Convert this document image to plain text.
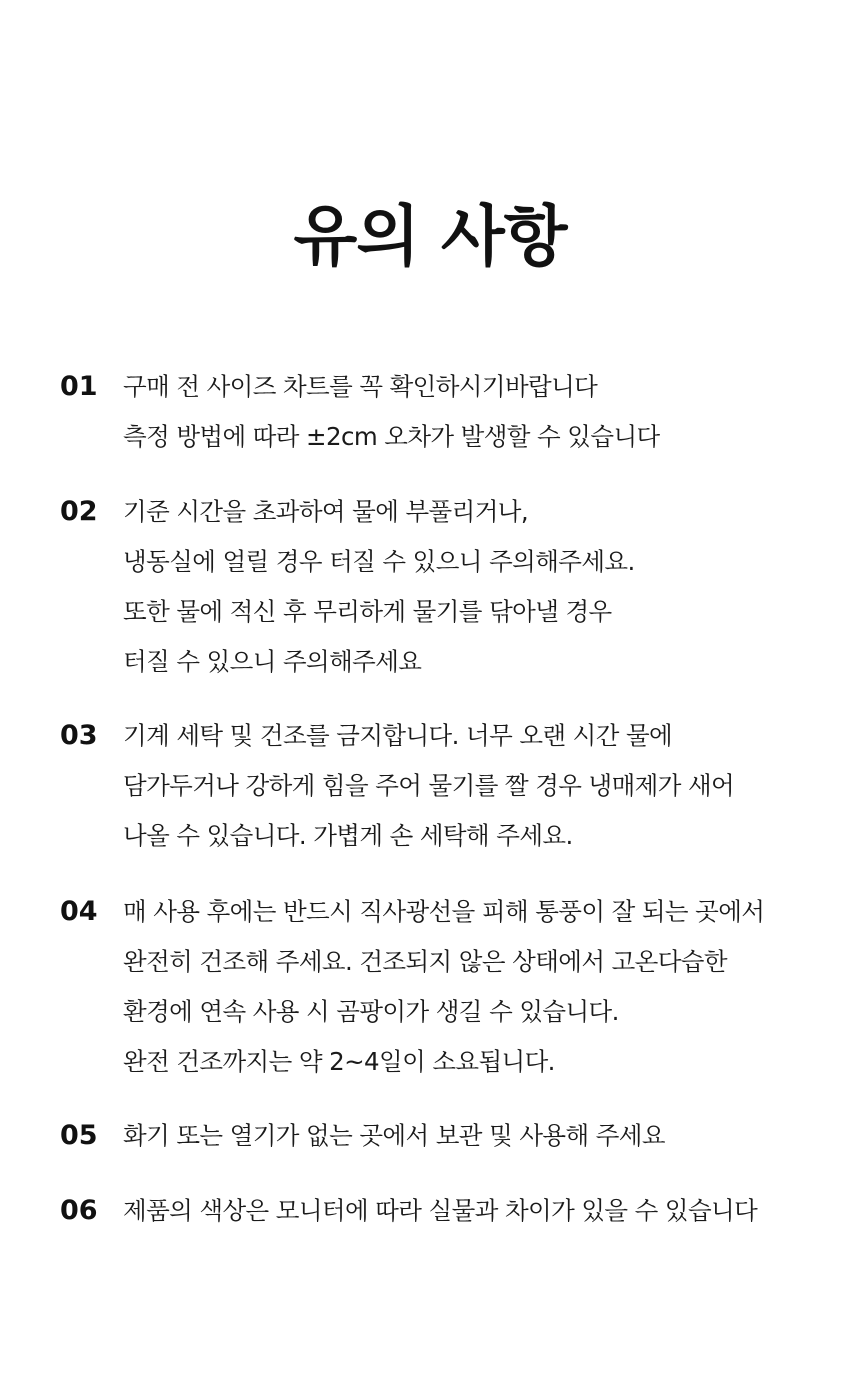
유의 사항
01 구매 전 사이즈 차트를 꼭 확인하시기바랍니다
측정 방법에 따라 ±2cm 오차가 발생할 수 있습니다
02 기준 시간을 초과하여 물에 부풀리거나,
냉동실에 얼릴 경우 터질 수 있으니 주의해주세요.
또한 물에 적신 후 무리하게 물기를 닦아낼 경우
터질 수 있으니 주의해주세요
03 기계 세탁 및 건조를 금지합니다. 너무 오랜 시간 물에
담가두거나 강하게 힘을 주어 물기를 짤 경우 냉매제가 새어
나올 수 있습니다. 가볍게 손 세탁해 주세요.
04 매 사용 후에는 반드시 직사광선을 피해 통풍이 잘 되는 곳에서
완전히 건조해 주세요. 건조되지 않은 상태에서 고온다습한
환경에 연속 사용 시 곰팡이가 생길 수 있습니다.
완전 건조까지는 약 2~4일이 소요됩니다.
05 화기 또는 열기가 없는 곳에서 보관 및 사용해 주세요
06 제품의 색상은 모니터에 따라 실물과 차이가 있을 수 있습니다
